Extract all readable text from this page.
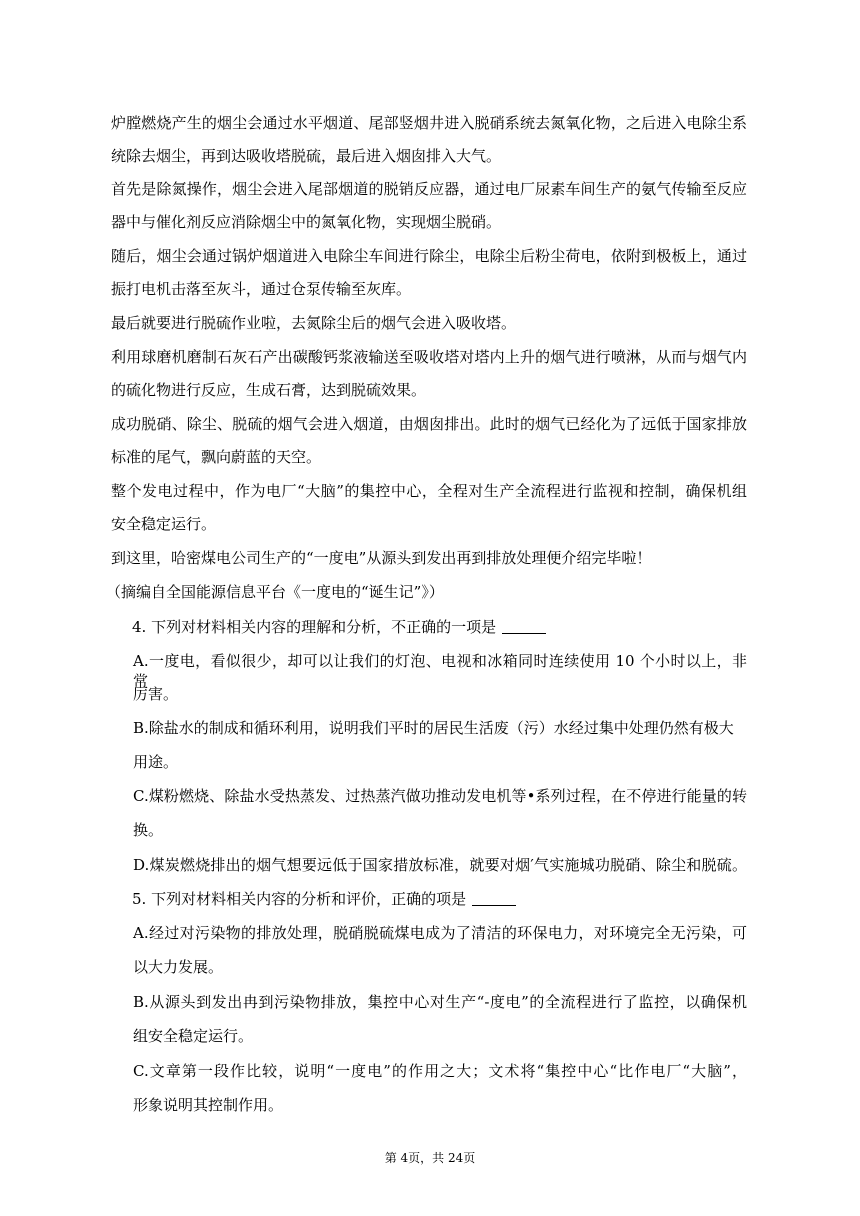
炉膛燃烧产生的烟尘会通过水平烟道、尾部竖烟井进入脱硝系统去氮氧化物，之后进入电除尘系
统除去烟尘，再到达吸收塔脱硫，最后进入烟囱排入大气。
首先是除氮操作，烟尘会进入尾部烟道的脱销反应器，通过电厂尿素车间生产的氨气传输至反应
器中与催化剂反应消除烟尘中的氮氧化物，实现烟尘脱硝。
随后，烟尘会通过锅炉烟道进入电除尘车间进行除尘，电除尘后粉尘荷电，依附到极板上，通过
振打电机击落至灰斗，通过仓泵传输至灰库。
最后就要进行脱硫作业啦，去氮除尘后的烟气会进入吸收塔。
利用球磨机磨制石灰石产出碳酸钙浆液输送至吸收塔对塔内上升的烟气进行喷淋，从而与烟气内
的硫化物进行反应，生成石膏，达到脱硫效果。
成功脱硝、除尘、脱硫的烟气会进入烟道，由烟囱排出。此时的烟气已经化为了远低于国家排放
标准的尾气，飘向蔚蓝的天空。
整个发电过程中，作为电厂“大脑”的集控中心，全程对生产全流程进行监视和控制，确保机组
安全稳定运行。
到这里，哈密煤电公司生产的“一度电”从源头到发出再到排放处理便介绍完毕啦！
（摘编自全国能源信息平台《一度电的“诞生记”》）
4. 下列对材料相关内容的理解和分析，不正确的一项是
A.一度电，看似很少，却可以让我们的灯泡、电视和冰箱同时连续使用 10 个小时以上，非常
厉害。
B.除盐水的制成和循环利用，说明我们平时的居民生活废（污）水经过集中处理仍然有极大
用途。
C.煤粉燃烧、除盐水受热蒸发、过热蒸汽做功推动发电机等•系列过程，在不停进行能量的转
换。
D.煤炭燃烧排出的烟气想要远低于国家措放标准，就要对烟′气实施城功脱硝、除尘和脱硫。
5. 下列对材料相关内容的分析和评价，正确的项是
A.经过对污染物的排放处理，脱硝脱硫煤电成为了清洁的环保电力，对环境完全无污染，可
以大力发展。
B.从源头到发出冉到污染物排放，集控中心对生产“-度电”的全流程进行了监控，以确保机
组安全稳定运行。
C.文章第一段作比较，说明“一度电”的作用之大；文术将“集控中心“比作电厂“大脑”，
形象说明其控制作用。
第 4页，共 24页
